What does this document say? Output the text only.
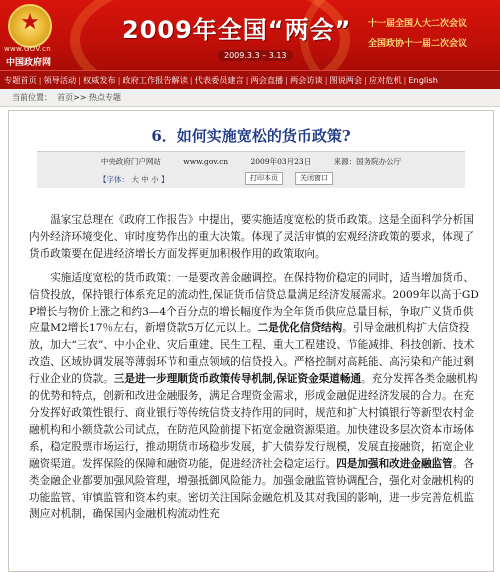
★
www.GOV.cn
中国政府网
2009年全国“两会”
2009.3.3 – 3.13
十一届全国人大二次会议
全国政协十一届二次会议
专题首页 | 领导活动 | 权威发布 | 政府工作报告解读 | 代表委员建言 | 两会直播 | 两会访谈 | 图说两会 | 应对危机 | English
当前位置： 首页>> 热点专题
6．如何实施宽松的货币政策?
中央政府门户网站	www.gov.cn	2009年03月23日	来源：国务院办公厅
【字体： 大 中 小 】	打印本页	关闭窗口

温家宝总理在《政府工作报告》中提出，要实施适度宽松的货币政策。这是全面科学分析国内外经济环境变化、审时度势作出的重大决策。体现了灵活审慎的宏观经济政策的要求，体现了货币政策要在促进经济增长方面发挥更加积极作用的政策取向。

实施适度宽松的货币政策：一是要改善金融调控。在保持物价稳定的同时，适当增加货币、信贷投放，保持银行体系充足的流动性,保证货币信贷总量满足经济发展需求。2009年以高于GDP增长与物价上涨之和约3—4个百分点的增长幅度作为全年货币供应总量目标，争取广义货币供应量M2增长17％左右，新增贷款5万亿元以上。二是优化信贷结构。引导金融机构扩大信贷投放，加大“三农”、中小企业、灾后重建、民生工程、重大工程建设、节能减排、科技创新、技术改造、区域协调发展等薄弱环节和重点领域的信贷投入。严格控制对高耗能、高污染和产能过剩行业企业的贷款。三是进一步理顺货币政策传导机制,保证资金渠道畅通。充分发挥各类金融机构的优势和特点，创新和改进金融服务，满足合理资金需求，形成金融促进经济发展的合力。在充分发挥好政策性银行、商业银行等传统信贷支持作用的同时，规范和扩大村镇银行等新型农村金融机构和小额贷款公司试点，在防范风险前提下拓宽金融资源渠道。加快建设多层次资本市场体系，稳定股票市场运行，推动期货市场稳步发展，扩大债券发行规模，发展直接融资，拓宽企业融资渠道。发挥保险的保障和融资功能，促进经济社会稳定运行。四是加强和改进金融监管。各类金融企业都要加强风险管理，增强抵御风险能力。加强金融监管协调配合，强化对金融机构的功能监管、审慎监管和资本约束。密切关注国际金融危机及其对我国的影响，进一步完善危机监测应对机制，确保国内金融机构流动性充
